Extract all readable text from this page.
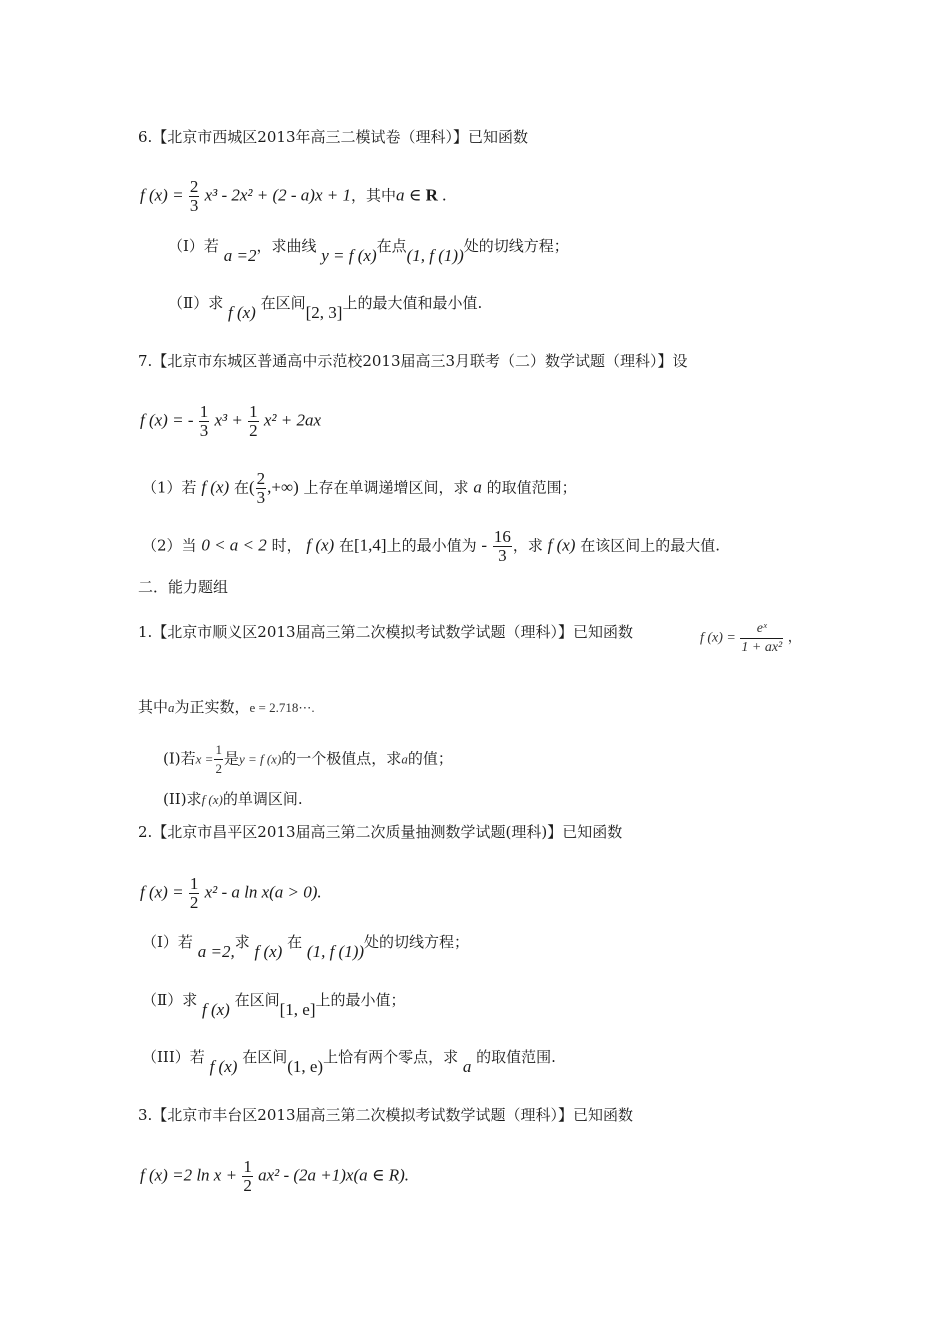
6.【北京市西城区2013年高三二模试卷（理科）】已知函数
f $(x) = \frac{2}{3} x^3 - 2x^2 + (2 - a)x + 1$，其中a ∈ R .
（Ⅰ）若 a =2，求曲线 y = f (x)在点(1, f (1))处的切线方程；
（Ⅱ）求 f (x) 在区间[2, 3]上的最大值和最小值.
7.【北京市东城区普通高中示范校2013届高三3月联考（二）数学试题（理科）】设
f (x) = - $\frac{1}{3} x^3 + \frac{1}{2} x^2 + 2ax$
（1）若 f (x) 在( $\frac{2}{3}$ ,+∞) 上存在单调递增区间，求 a 的取值范围；
（2）当 0 < a < 2 时， f (x) 在[1,4]上的最小值为 - $\frac{16}{3}$ ，求 f (x) 在该区间上的最大值.
二．能力题组
1.【北京市顺义区2013届高三第二次模拟考试数学试题（理科）】已知函数	f $(x) = \frac{\text{eˣ}}{\text{1 + ax²}}$ ，
其中a为正实数，e = 2.718⋯.
(I)若$x = \frac{1}{2}$ 是y = f (x)的一个极值点，求a的值；
(II)求f (x)的单调区间.
2.【北京市昌平区2013届高三第二次质量抽测数学试题(理科)】已知函数
f $(x) = \frac{1}{2} x^2 - a$ ln x(a > 0).
（Ⅰ）若 a =2,求 f (x) 在 (1, f (1))处的切线方程；
（Ⅱ）求 f (x) 在区间[1, e]上的最小值；
（III）若 f (x) 在区间(1, e)上恰有两个零点，求 a 的取值范围.
3.【北京市丰台区2013届高三第二次模拟考试数学试题（理科）】已知函数
f (x) =2 $\ln x + \frac{1}{2} ax^2 - (2a +1)x(a$ ∈ R).
